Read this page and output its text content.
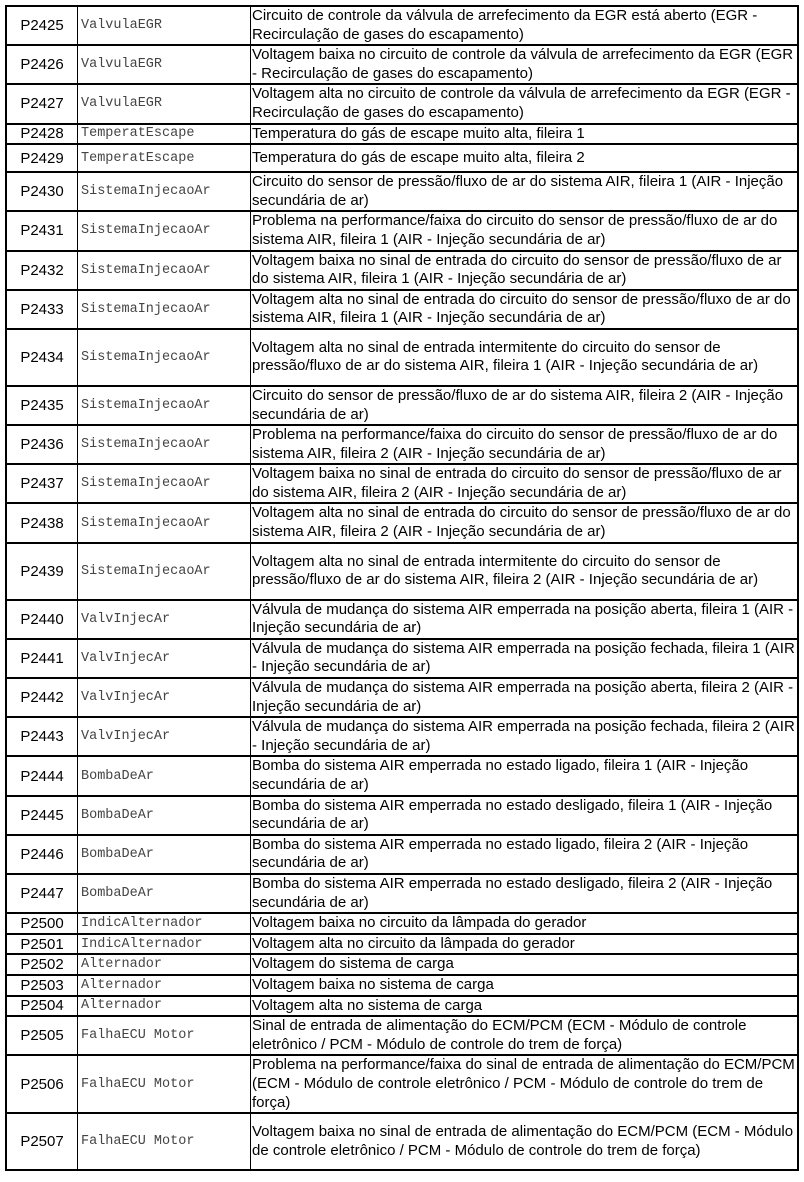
P2425	ValvulaEGR	Circuito de controle da válvula de arrefecimento da EGR está aberto (EGR - Recirculação de gases do escapamento)
P2426	ValvulaEGR	Voltagem baixa no circuito de controle da válvula de arrefecimento da EGR (EGR - Recirculação de gases do escapamento)
P2427	ValvulaEGR	Voltagem alta no circuito de controle da válvula de arrefecimento da EGR (EGR - Recirculação de gases do escapamento)
P2428	TemperatEscape	Temperatura do gás de escape muito alta, fileira 1
P2429	TemperatEscape	Temperatura do gás de escape muito alta, fileira 2
P2430	SistemaInjecaoAr	Circuito do sensor de pressão/fluxo de ar do sistema AIR, fileira 1 (AIR - Injeção secundária de ar)
P2431	SistemaInjecaoAr	Problema na performance/faixa do circuito do sensor de pressão/fluxo de ar do sistema AIR, fileira 1 (AIR - Injeção secundária de ar)
P2432	SistemaInjecaoAr	Voltagem baixa no sinal de entrada do circuito do sensor de pressão/fluxo de ar do sistema AIR, fileira 1 (AIR - Injeção secundária de ar)
P2433	SistemaInjecaoAr	Voltagem alta no sinal de entrada do circuito do sensor de pressão/fluxo de ar do sistema AIR, fileira 1 (AIR - Injeção secundária de ar)
P2434	SistemaInjecaoAr	Voltagem alta no sinal de entrada intermitente do circuito do sensor de pressão/fluxo de ar do sistema AIR, fileira 1 (AIR - Injeção secundária de ar)
P2435	SistemaInjecaoAr	Circuito do sensor de pressão/fluxo de ar do sistema AIR, fileira 2 (AIR - Injeção secundária de ar)
P2436	SistemaInjecaoAr	Problema na performance/faixa do circuito do sensor de pressão/fluxo de ar do sistema AIR, fileira 2 (AIR - Injeção secundária de ar)
P2437	SistemaInjecaoAr	Voltagem baixa no sinal de entrada do circuito do sensor de pressão/fluxo de ar do sistema AIR, fileira 2 (AIR - Injeção secundária de ar)
P2438	SistemaInjecaoAr	Voltagem alta no sinal de entrada do circuito do sensor de pressão/fluxo de ar do sistema AIR, fileira 2 (AIR - Injeção secundária de ar)
P2439	SistemaInjecaoAr	Voltagem alta no sinal de entrada intermitente do circuito do sensor de pressão/fluxo de ar do sistema AIR, fileira 2 (AIR - Injeção secundária de ar)
P2440	ValvInjecAr	Válvula de mudança do sistema AIR emperrada na posição aberta, fileira 1 (AIR - Injeção secundária de ar)
P2441	ValvInjecAr	Válvula de mudança do sistema AIR emperrada na posição fechada, fileira 1 (AIR - Injeção secundária de ar)
P2442	ValvInjecAr	Válvula de mudança do sistema AIR emperrada na posição aberta, fileira 2 (AIR - Injeção secundária de ar)
P2443	ValvInjecAr	Válvula de mudança do sistema AIR emperrada na posição fechada, fileira 2 (AIR - Injeção secundária de ar)
P2444	BombaDeAr	Bomba do sistema AIR emperrada no estado ligado, fileira 1 (AIR - Injeção secundária de ar)
P2445	BombaDeAr	Bomba do sistema AIR emperrada no estado desligado, fileira 1 (AIR - Injeção secundária de ar)
P2446	BombaDeAr	Bomba do sistema AIR emperrada no estado ligado, fileira 2 (AIR - Injeção secundária de ar)
P2447	BombaDeAr	Bomba do sistema AIR emperrada no estado desligado, fileira 2 (AIR - Injeção secundária de ar)
P2500	IndicAlternador	Voltagem baixa no circuito da lâmpada do gerador
P2501	IndicAlternador	Voltagem alta no circuito da lâmpada do gerador
P2502	Alternador	Voltagem do sistema de carga
P2503	Alternador	Voltagem baixa no sistema de carga
P2504	Alternador	Voltagem alta no sistema de carga
P2505	FalhaECU Motor	Sinal de entrada de alimentação do ECM/PCM (ECM - Módulo de controle eletrônico / PCM - Módulo de controle do trem de força)
P2506	FalhaECU Motor	Problema na performance/faixa do sinal de entrada de alimentação do ECM/PCM (ECM - Módulo de controle eletrônico / PCM - Módulo de controle do trem de força)
P2507	FalhaECU Motor	Voltagem baixa no sinal de entrada de alimentação do ECM/PCM (ECM - Módulo de controle eletrônico / PCM - Módulo de controle do trem de força)
